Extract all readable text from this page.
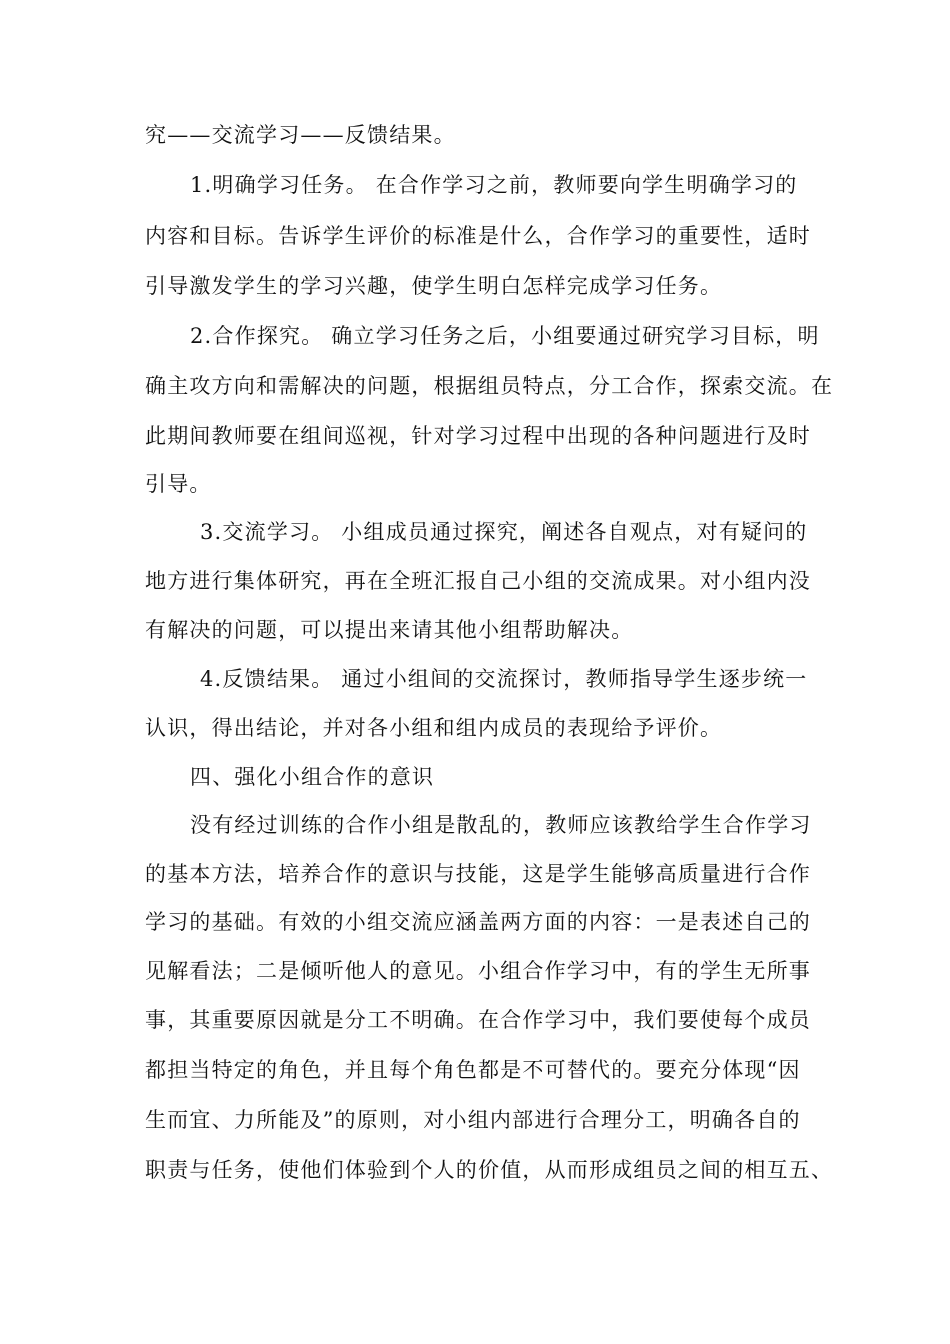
究——交流学习——反馈结果。
1.明确学习任务。 在合作学习之前，教师要向学生明确学习的
内容和目标。告诉学生评价的标准是什么，合作学习的重要性，适时
引导激发学生的学习兴趣，使学生明白怎样完成学习任务。
2.合作探究。 确立学习任务之后，小组要通过研究学习目标，明
确主攻方向和需解决的问题，根据组员特点，分工合作，探索交流。在
此期间教师要在组间巡视，针对学习过程中出现的各种问题进行及时
引导。
3.交流学习。 小组成员通过探究，阐述各自观点，对有疑问的
地方进行集体研究，再在全班汇报自己小组的交流成果。对小组内没
有解决的问题，可以提出来请其他小组帮助解决。
4.反馈结果。 通过小组间的交流探讨，教师指导学生逐步统一
认识，得出结论，并对各小组和组内成员的表现给予评价。
四、强化小组合作的意识
没有经过训练的合作小组是散乱的，教师应该教给学生合作学习
的基本方法，培养合作的意识与技能，这是学生能够高质量进行合作
学习的基础。有效的小组交流应涵盖两方面的内容：一是表述自己的
见解看法；二是倾听他人的意见。小组合作学习中，有的学生无所事
事，其重要原因就是分工不明确。在合作学习中，我们要使每个成员
都担当特定的角色，并且每个角色都是不可替代的。要充分体现“因
生而宜、力所能及”的原则，对小组内部进行合理分工，明确各自的
职责与任务，使他们体验到个人的价值，从而形成组员之间的相互五、
